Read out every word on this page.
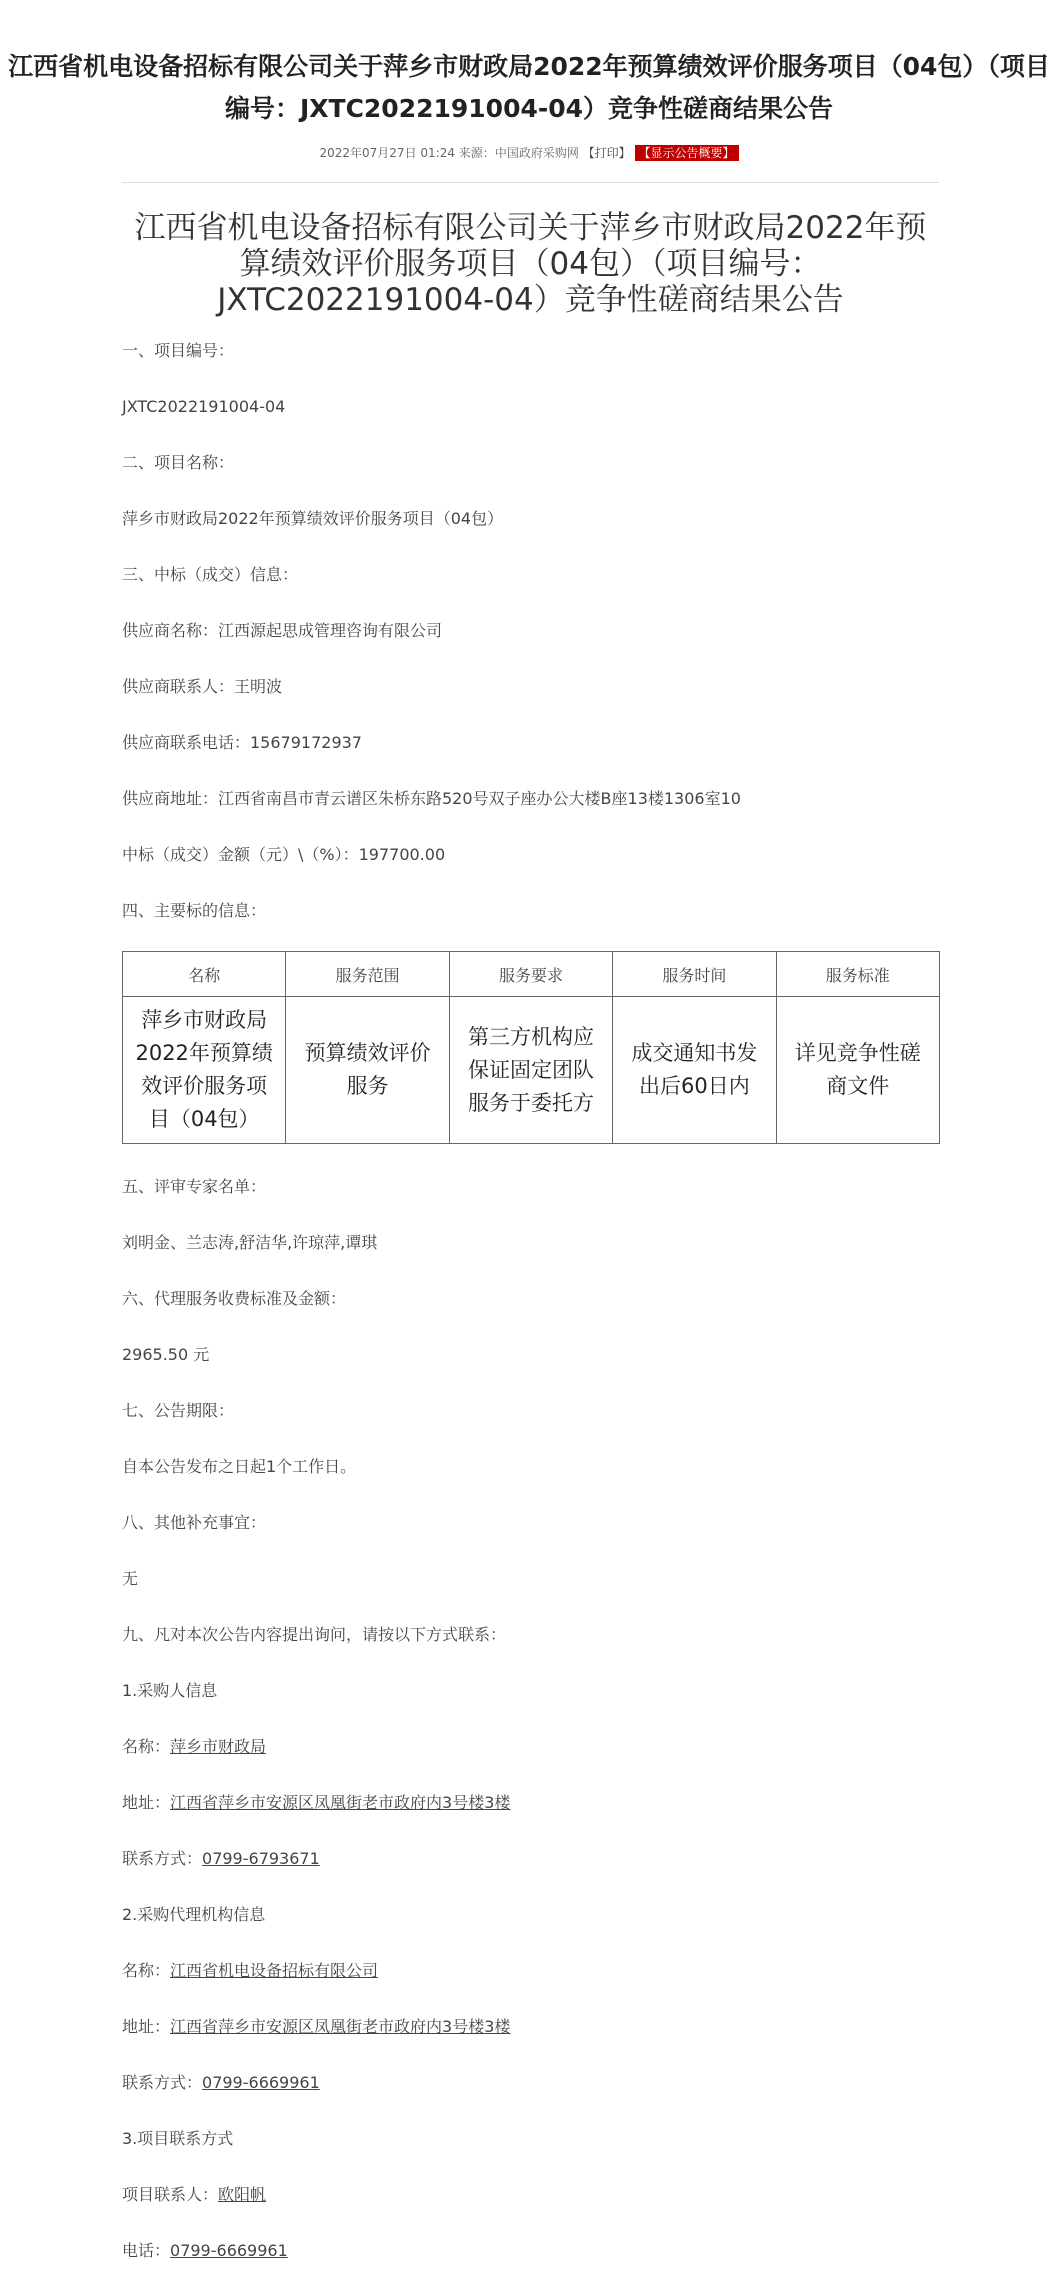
江西省机电设备招标有限公司关于萍乡市财政局2022年预算绩效评价服务项目（04包）（项目编号：JXTC2022191004-04）竞争性磋商结果公告
2022年07月27日 01:24 来源：中国政府采购网 【打印】 【显示公告概要】
江西省机电设备招标有限公司关于萍乡市财政局2022年预算绩效评价服务项目（04包）（项目编号：JXTC2022191004-04）竞争性磋商结果公告
一、项目编号：
JXTC2022191004-04
二、项目名称：
萍乡市财政局2022年预算绩效评价服务项目（04包）
三、中标（成交）信息：
供应商名称：江西源起思成管理咨询有限公司
供应商联系人：王明波
供应商联系电话：15679172937
供应商地址：江西省南昌市青云谱区朱桥东路520号双子座办公大楼B座13楼1306室10
中标（成交）金额（元）\（%）：197700.00
四、主要标的信息：
名称	服务范围	服务要求	服务时间	服务标准
萍乡市财政局2022年预算绩效评价服务项目（04包）	预算绩效评价服务	第三方机构应保证固定团队服务于委托方	成交通知书发出后60日内	详见竞争性磋商文件
五、评审专家名单：
刘明金、兰志涛,舒洁华,许琼萍,谭琪
六、代理服务收费标准及金额：
2965.50 元
七、公告期限：
自本公告发布之日起1个工作日。
八、其他补充事宜：
无
九、凡对本次公告内容提出询问，请按以下方式联系：
1.采购人信息
名称：萍乡市财政局
地址：江西省萍乡市安源区凤凰街老市政府内3号楼3楼
联系方式：0799-6793671
2.采购代理机构信息
名称：江西省机电设备招标有限公司
地址：江西省萍乡市安源区凤凰街老市政府内3号楼3楼
联系方式：0799-6669961
3.项目联系方式
项目联系人：欧阳帆
电话：0799-6669961
